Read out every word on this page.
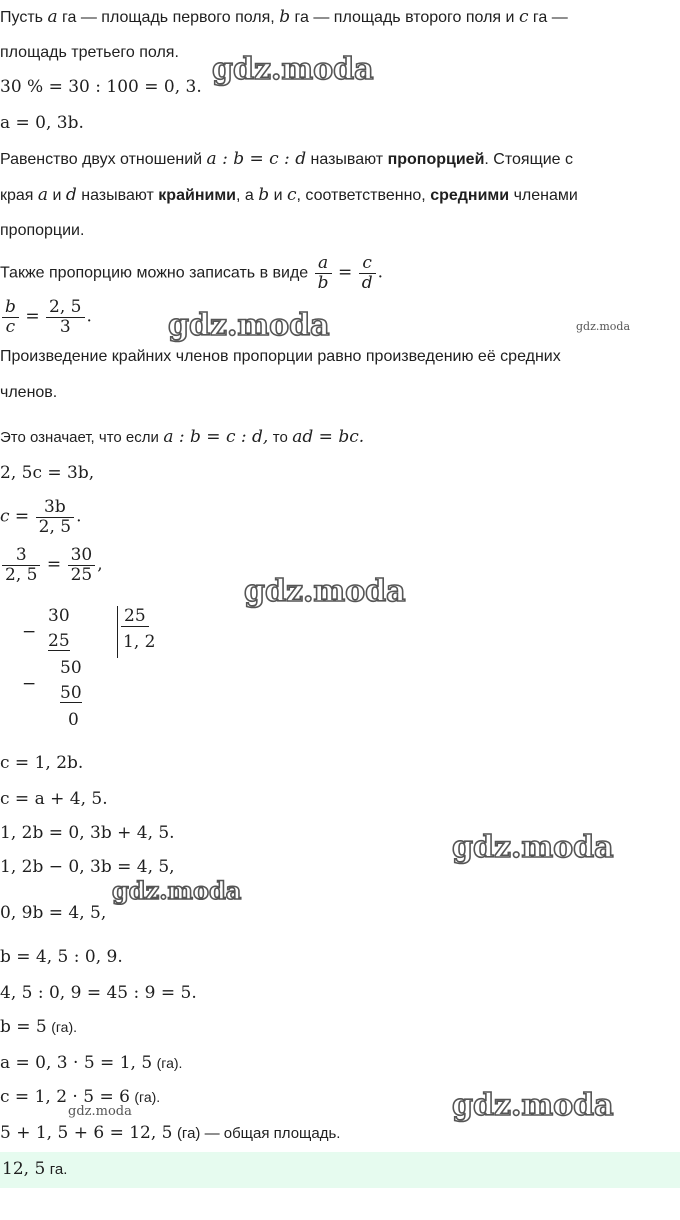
Пусть a га — площадь первого поля, b га — площадь второго поля и c га —
площадь третьего поля.
30 % = 30 : 100 = 0, 3.
a = 0, 3b.
Равенство двух отношений a : b = c : d называют пропорцией. Стоящие с
края a и d называют крайними, а b и c, соответственно, средними членами
пропорции.
Также пропорцию можно записать в виде $\frac{a}{b} = \frac{c}{d}$ .
$\frac{b}{c} = \frac{2, 5}{3}$ .
Произведение крайних членов пропорции равно произведению её средних
членов.
Это означает, что если a : b = c : d, то ad = bc.
2, 5c = 3b,
$c = \frac{3b}{2, 5}$ .
$\frac{3}{2, 5} = \frac{30}{25}$ ,
−
30
25
25
1, 2
−
50
50
0
c = 1, 2b.
c = a + 4, 5.
1, 2b = 0, 3b + 4, 5.
1, 2b − 0, 3b = 4, 5,
0, 9b = 4, 5,
b = 4, 5 : 0, 9.
4, 5 : 0, 9 = 45 : 9 = 5.
b = 5 (га).
a = 0, 3 · 5 = 1, 5 (га).
c = 1, 2 · 5 = 6 (га).
5 + 1, 5 + 6 = 12, 5 (га) — общая площадь.
12, 5 га.
gdz.moda
gdz.moda	gdz.moda
gdz.moda
gdz.moda
gdz.moda
gdz.moda
gdz.moda
